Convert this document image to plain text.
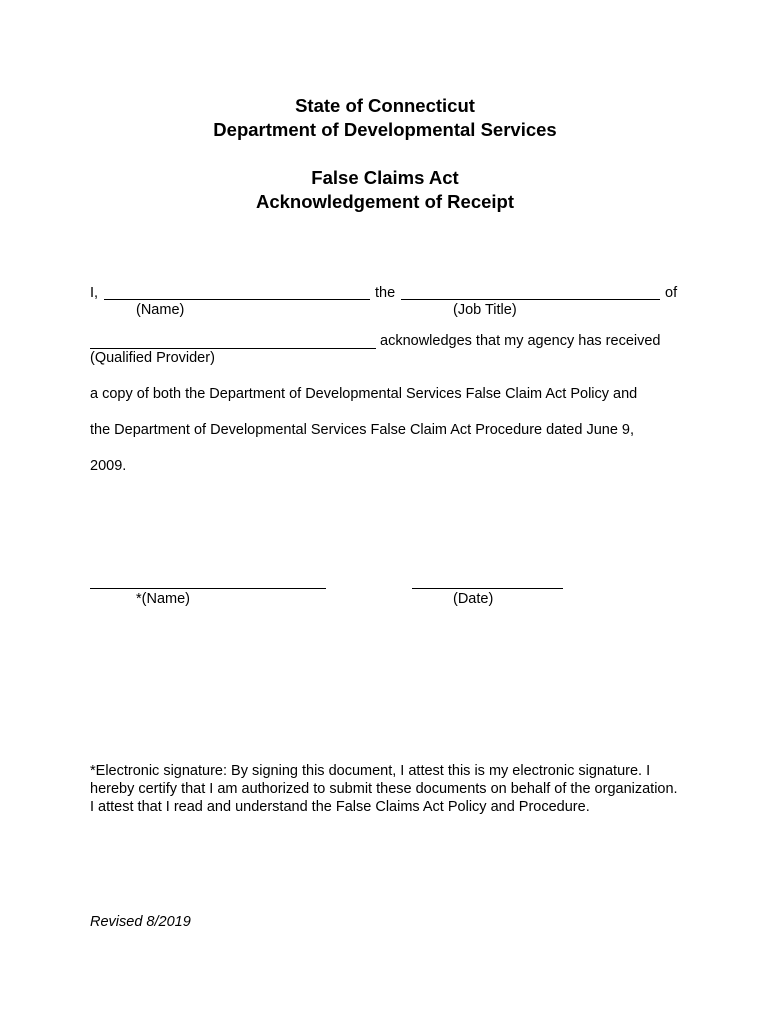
State of Connecticut
Department of Developmental Services
False Claims Act
Acknowledgement of Receipt
I,	the	of
(Name)	(Job Title)
acknowledges that my agency has received
(Qualified Provider)
a copy of both the Department of Developmental Services False Claim Act Policy and
the Department of Developmental Services False Claim Act Procedure dated June 9,
2009.
*(Name)	(Date)
*Electronic signature: By signing this document, I attest this is my electronic signature. I hereby certify that I am authorized to submit these documents on behalf of the organization. I attest that I read and understand the False Claims Act Policy and Procedure.
Revised 8/2019
